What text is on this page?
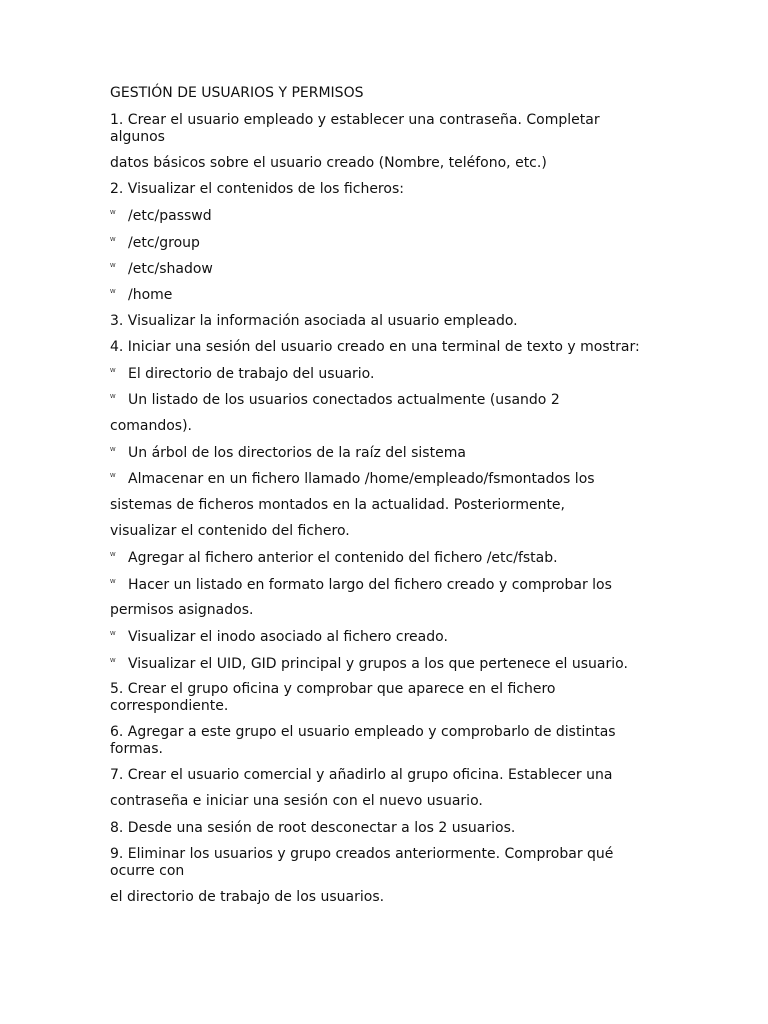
GESTIÓN DE USUARIOS Y PERMISOS
1. Crear el usuario empleado y establecer una contraseña. Completar algunos
datos básicos sobre el usuario creado (Nombre, teléfono, etc.)
2. Visualizar el contenidos de los ficheros:
ᵂ /etc/passwd
ᵂ /etc/group
ᵂ /etc/shadow
ᵂ /home
3. Visualizar la información asociada al usuario empleado.
4. Iniciar una sesión del usuario creado en una terminal de texto y mostrar:
ᵂ El directorio de trabajo del usuario.
ᵂ Un listado de los usuarios conectados actualmente (usando 2
comandos).
ᵂ Un árbol de los directorios de la raíz del sistema
ᵂ Almacenar en un fichero llamado /home/empleado/fsmontados los
sistemas de ficheros montados en la actualidad. Posteriormente,
visualizar el contenido del fichero.
ᵂ Agregar al fichero anterior el contenido del fichero /etc/fstab.
ᵂ Hacer un listado en formato largo del fichero creado y comprobar los
permisos asignados.
ᵂ Visualizar el inodo asociado al fichero creado.
ᵂ Visualizar el UID, GID principal y grupos a los que pertenece el usuario.
5. Crear el grupo oficina y comprobar que aparece en el fichero correspondiente.
6. Agregar a este grupo el usuario empleado y comprobarlo de distintas formas.
7. Crear el usuario comercial y añadirlo al grupo oficina. Establecer una
contraseña e iniciar una sesión con el nuevo usuario.
8. Desde una sesión de root desconectar a los 2 usuarios.
9. Eliminar los usuarios y grupo creados anteriormente. Comprobar qué ocurre con
el directorio de trabajo de los usuarios.
